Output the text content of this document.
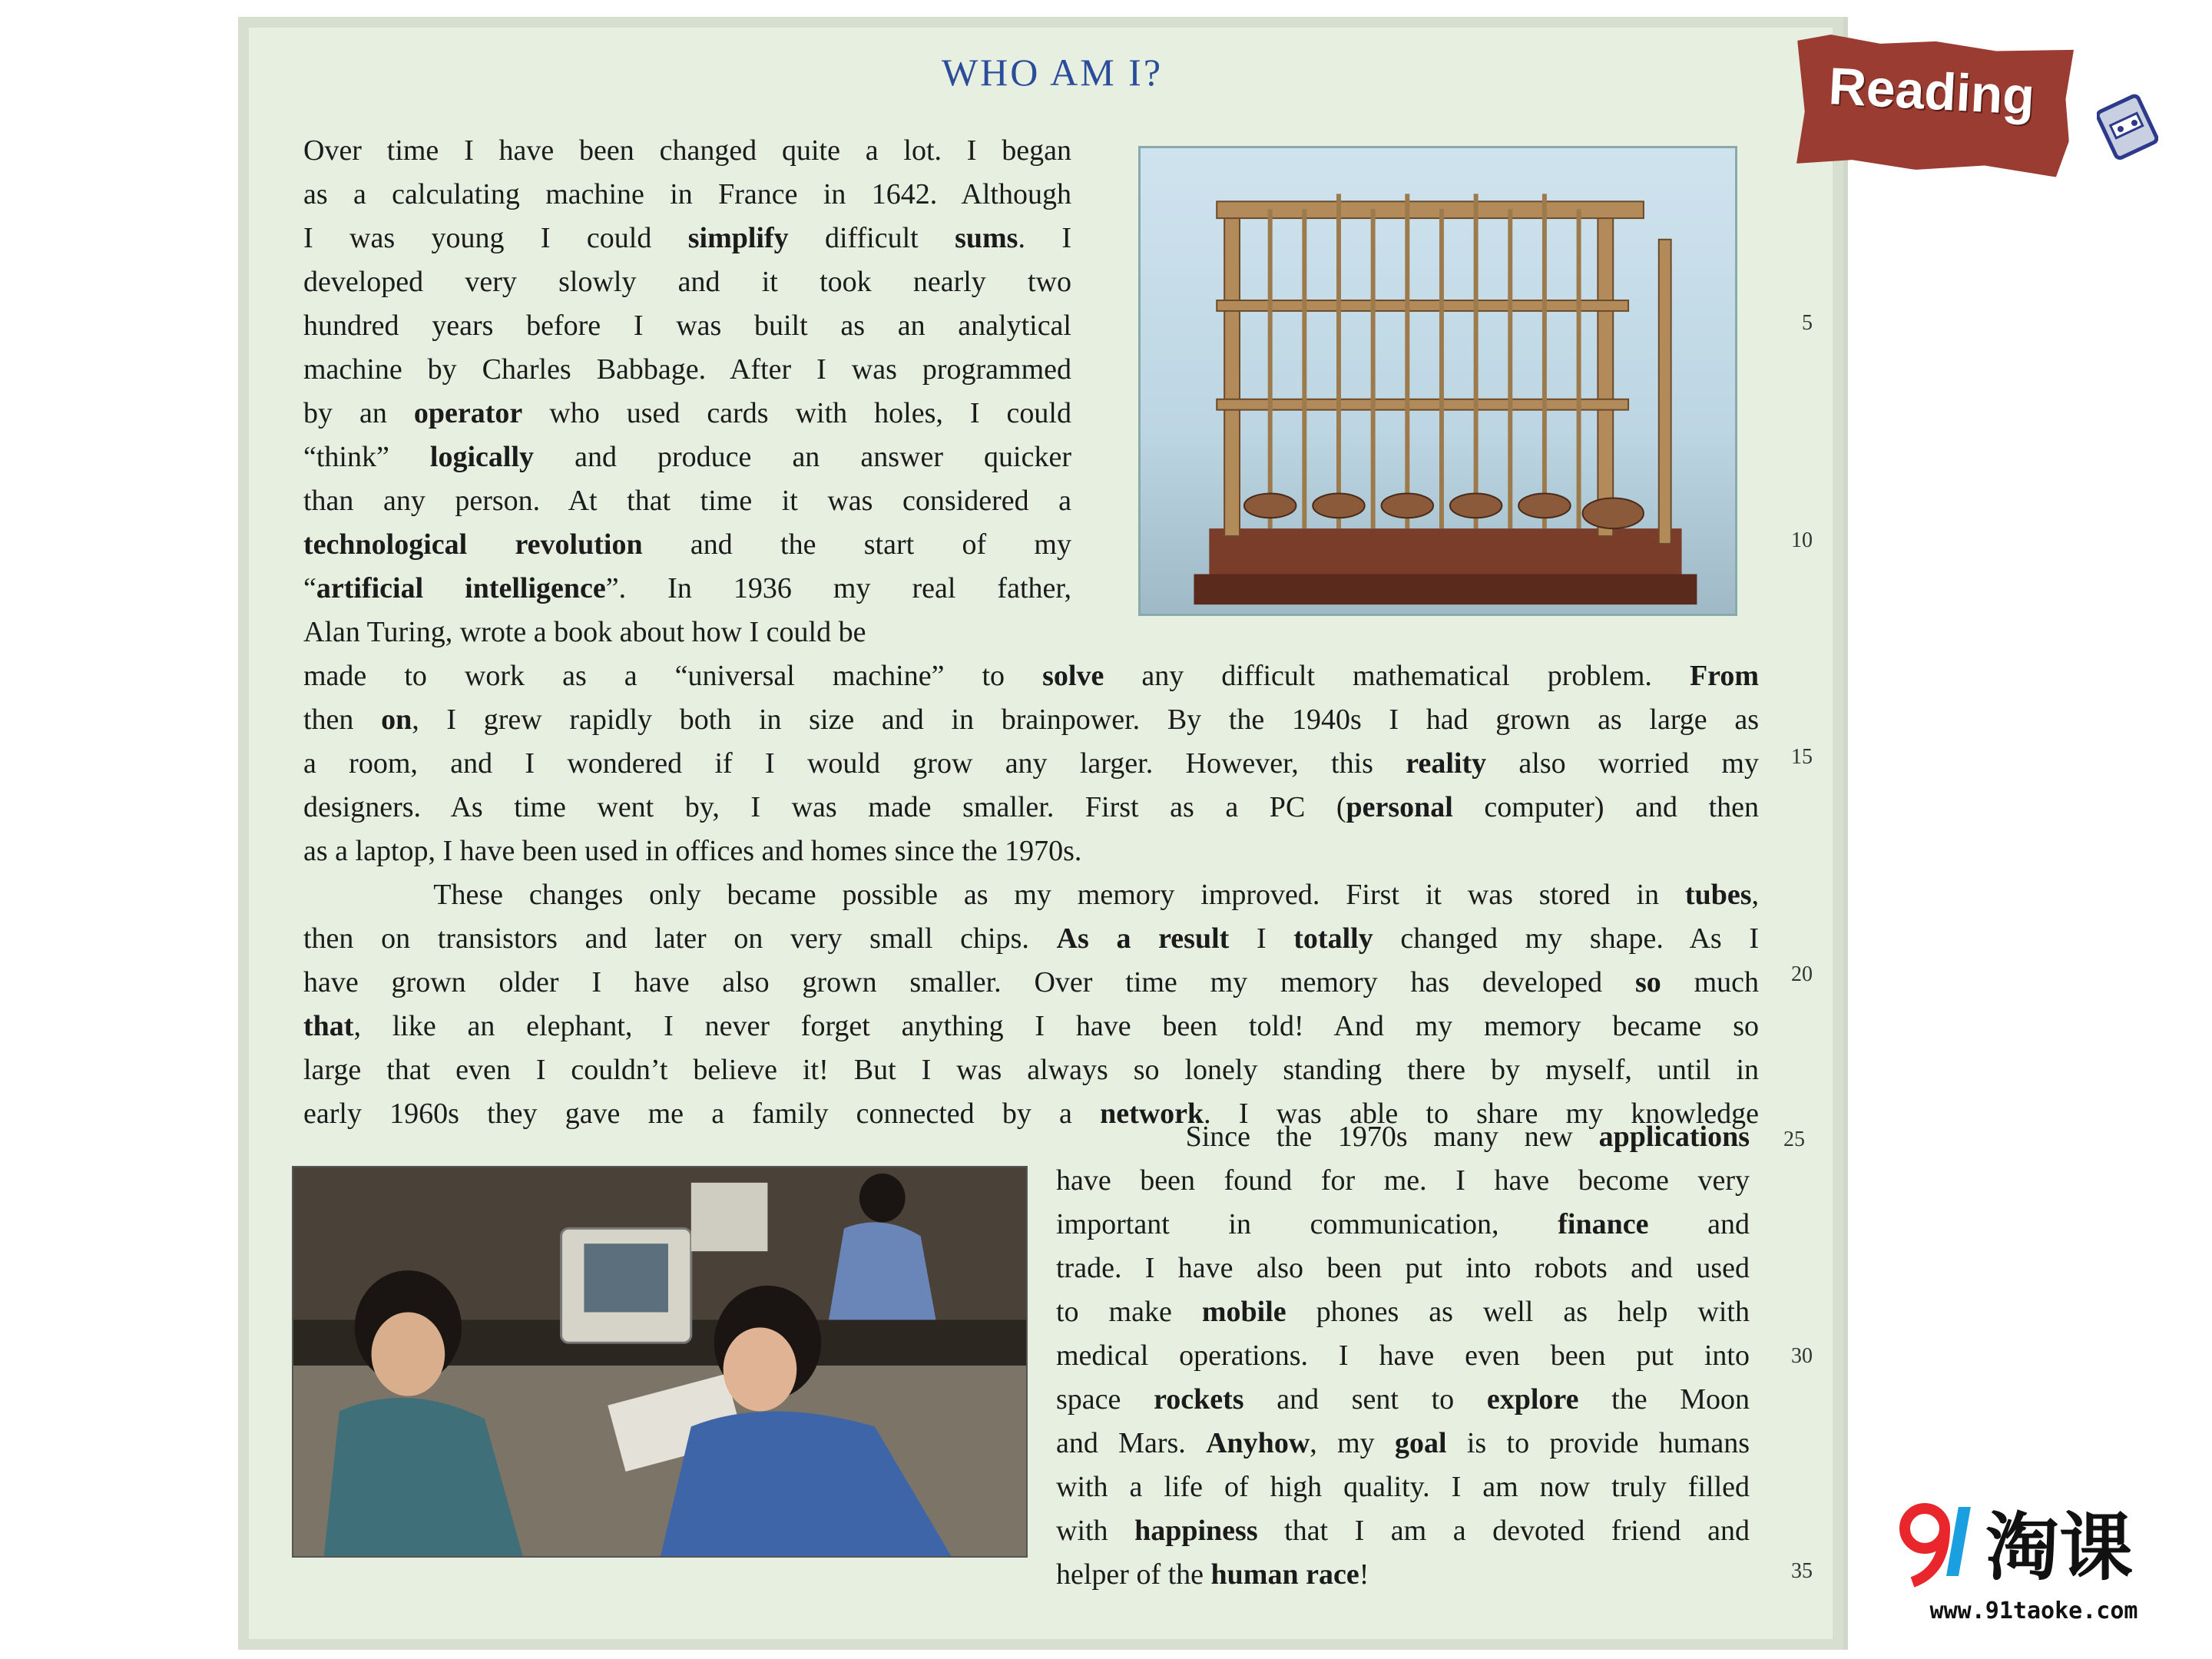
WHO AM I?
Over time I have been changed quite a lot. I began
as a calculating machine in France in 1642. Although
I was young I could simplify difficult sums. I
developed very slowly and it took nearly two
hundred years before I was built as an analytical
machine by Charles Babbage. After I was programmed
by an operator who used cards with holes, I could
“think” logically and produce an answer quicker
than any person. At that time it was considered a
technological revolution and the start of my
“artificial intelligence”. In 1936 my real father,
Alan Turing, wrote a book about how I could be
made to work as a “universal machine” to solve any difficult mathematical problem. From
then on, I grew rapidly both in size and in brainpower. By the 1940s I had grown as large as
a room, and I wondered if I would grow any larger. However, this reality also worried my
designers. As time went by, I was made smaller. First as a PC (personal computer) and then
as a laptop, I have been used in offices and homes since the 1970s.
These changes only became possible as my memory improved. First it was stored in tubes,
then on transistors and later on very small chips. As a result I totally changed my shape. As I
have grown older I have also grown smaller. Over time my memory has developed so much
that, like an elephant, I never forget anything I have been told! And my memory became so
large that even I couldn’t believe it! But I was always so lonely standing there by myself, until in
early 1960s they gave me a family connected by a network. I was able to share my knowledge
Since the 1970s many new applications
have been found for me. I have become very
important in communication, finance and
trade. I have also been put into robots and used
to make mobile phones as well as help with
medical operations. I have even been put into
space rockets and sent to explore the Moon
and Mars. Anyhow, my goal is to provide humans
with a life of high quality. I am now truly filled
with happiness that I am a devoted friend and
helper of the human race!
5
10
15
20
25
30
35
Reading
淘课
www.91taoke.com
